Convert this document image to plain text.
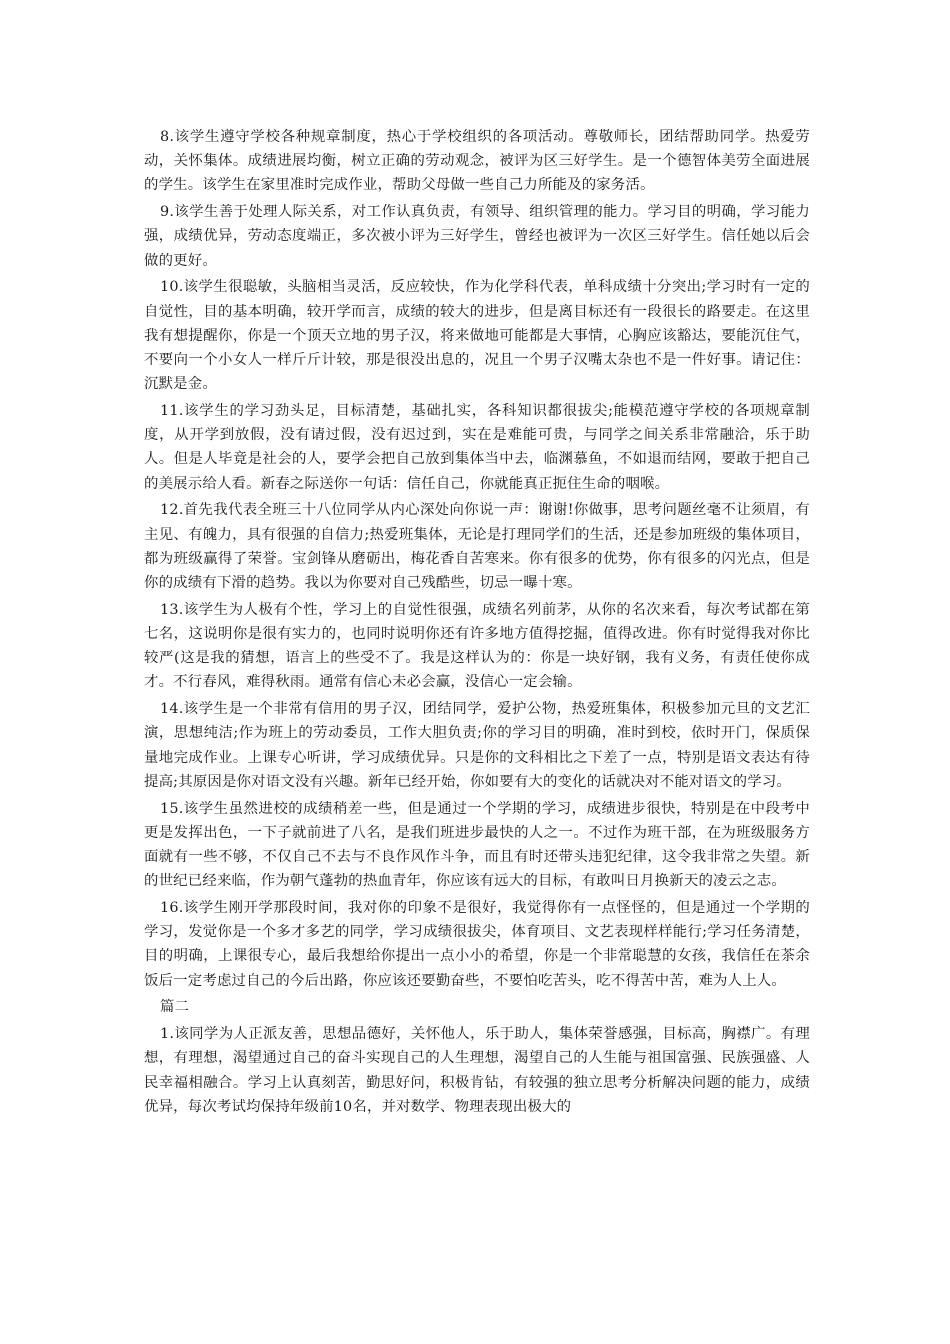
8.该学生遵守学校各种规章制度，热心于学校组织的各项活动。尊敬师长，团结帮助同学。热爱劳动，关怀集体。成绩进展均衡，树立正确的劳动观念，被评为区三好学生。是一个德智体美劳全面进展的学生。该学生在家里准时完成作业，帮助父母做一些自己力所能及的家务活。

9.该学生善于处理人际关系，对工作认真负责，有领导、组织管理的能力。学习目的明确，学习能力强，成绩优异，劳动态度端正，多次被小评为三好学生，曾经也被评为一次区三好学生。信任她以后会做的更好。

10.该学生很聪敏，头脑相当灵活，反应较快，作为化学科代表，单科成绩十分突出;学习时有一定的自觉性，目的基本明确，较开学而言，成绩的较大的进步，但是离目标还有一段很长的路要走。在这里我有想提醒你，你是一个顶天立地的男子汉，将来做地可能都是大事情，心胸应该豁达，要能沉住气，不要向一个小女人一样斤斤计较，那是很没出息的，况且一个男子汉嘴太杂也不是一件好事。请记住：沉默是金。

11.该学生的学习劲头足，目标清楚，基础扎实，各科知识都很拔尖;能模范遵守学校的各项规章制度，从开学到放假，没有请过假，没有迟过到，实在是难能可贵，与同学之间关系非常融洽，乐于助人。但是人毕竟是社会的人，要学会把自己放到集体当中去，临渊慕鱼，不如退而结网，要敢于把自己的美展示给人看。新春之际送你一句话：信任自己，你就能真正扼住生命的咽喉。

12.首先我代表全班三十八位同学从内心深处向你说一声：谢谢!你做事，思考问题丝毫不让须眉，有主见、有魄力，具有很强的自信力;热爱班集体，无论是打理同学们的生活，还是参加班级的集体项目，都为班级赢得了荣誉。宝剑锋从磨砺出，梅花香自苦寒来。你有很多的优势，你有很多的闪光点，但是你的成绩有下滑的趋势。我以为你要对自己残酷些，切忌一曝十寒。

13.该学生为人极有个性，学习上的自觉性很强，成绩名列前茅，从你的名次来看，每次考试都在第七名，这说明你是很有实力的，也同时说明你还有许多地方值得挖掘，值得改进。你有时觉得我对你比较严(这是我的猜想，语言上的些受不了。我是这样认为的：你是一块好钢，我有义务，有责任使你成才。不行春风，难得秋雨。通常有信心未必会赢，没信心一定会输。

14.该学生是一个非常有信用的男子汉，团结同学，爱护公物，热爱班集体，积极参加元旦的文艺汇演，思想纯洁;作为班上的劳动委员，工作大胆负责;你的学习目的明确，准时到校，依时开门，保质保量地完成作业。上课专心听讲，学习成绩优异。只是你的文科相比之下差了一点，特别是语文表达有待提高;其原因是你对语文没有兴趣。新年已经开始，你如要有大的变化的话就决对不能对语文的学习。

15.该学生虽然进校的成绩稍差一些，但是通过一个学期的学习，成绩进步很快，特别是在中段考中更是发挥出色，一下子就前进了八名，是我们班进步最快的人之一。不过作为班干部，在为班级服务方面就有一些不够，不仅自己不去与不良作风作斗争，而且有时还带头违犯纪律，这令我非常之失望。新的世纪已经来临，作为朝气蓬勃的热血青年，你应该有远大的目标，有敢叫日月换新天的凌云之志。

16.该学生刚开学那段时间，我对你的印象不是很好，我觉得你有一点怪怪的，但是通过一个学期的学习，发觉你是一个多才多艺的同学，学习成绩很拔尖，体育项目、文艺表现样样能行;学习任务清楚，目的明确，上课很专心，最后我想给你提出一点小小的希望，你是一个非常聪慧的女孩，我信任在茶余饭后一定考虑过自己的今后出路，你应该还要勤奋些，不要怕吃苦头，吃不得苦中苦，难为人上人。

篇二

1.该同学为人正派友善，思想品德好，关怀他人，乐于助人，集体荣誉感强，目标高，胸襟广。有理想，有理想，渴望通过自己的奋斗实现自己的人生理想，渴望自己的人生能与祖国富强、民族强盛、人民幸福相融合。学习上认真刻苦，勤思好问，积极肯钻，有较强的独立思考分析解决问题的能力，成绩优异，每次考试均保持年级前10名，并对数学、物理表现出极大的
